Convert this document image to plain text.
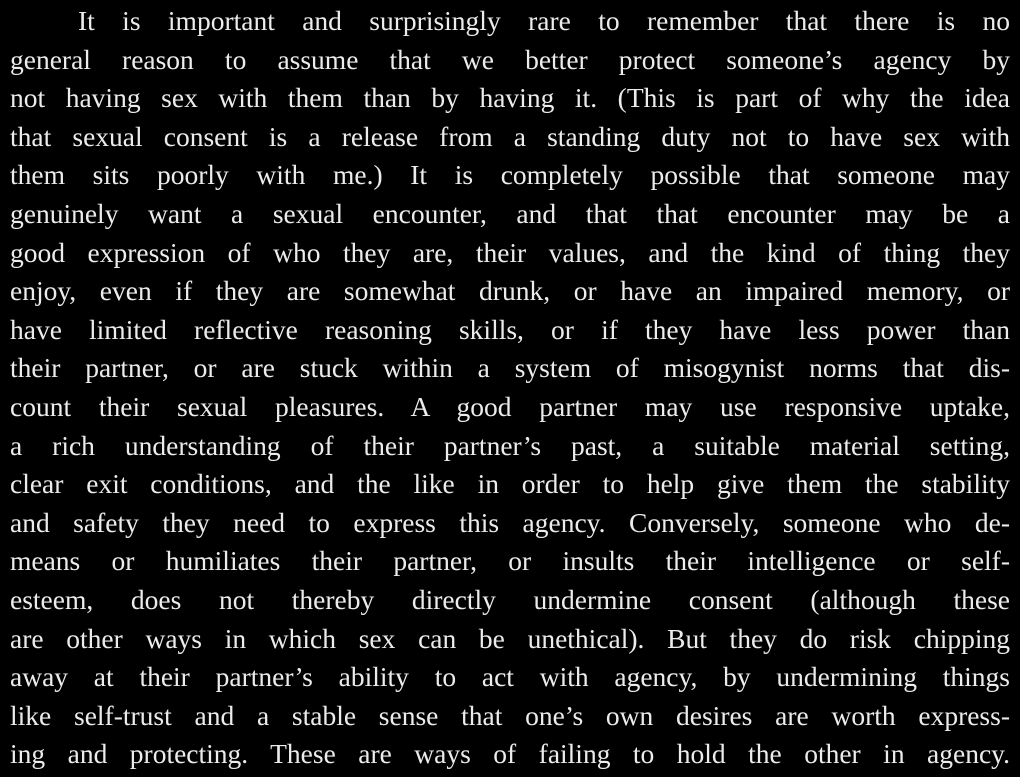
It is important and surprisingly rare to remember that there is no
general reason to assume that we better protect someone’s agency by
not having sex with them than by having it. (This is part of why the idea
that sexual consent is a release from a standing duty not to have sex with
them sits poorly with me.) It is completely possible that someone may
genuinely want a sexual encounter, and that that encounter may be a
good expression of who they are, their values, and the kind of thing they
enjoy, even if they are somewhat drunk, or have an impaired memory, or
have limited reflective reasoning skills, or if they have less power than
their partner, or are stuck within a system of misogynist norms that dis-
count their sexual pleasures. A good partner may use responsive uptake,
a rich understanding of their partner’s past, a suitable material setting,
clear exit conditions, and the like in order to help give them the stability
and safety they need to express this agency. Conversely, someone who de-
means or humiliates their partner, or insults their intelligence or self-
esteem, does not thereby directly undermine consent (although these
are other ways in which sex can be unethical). But they do risk chipping
away at their partner’s ability to act with agency, by undermining things
like self-trust and a stable sense that one’s own desires are worth express-
ing and protecting. These are ways of failing to hold the other in agency.
